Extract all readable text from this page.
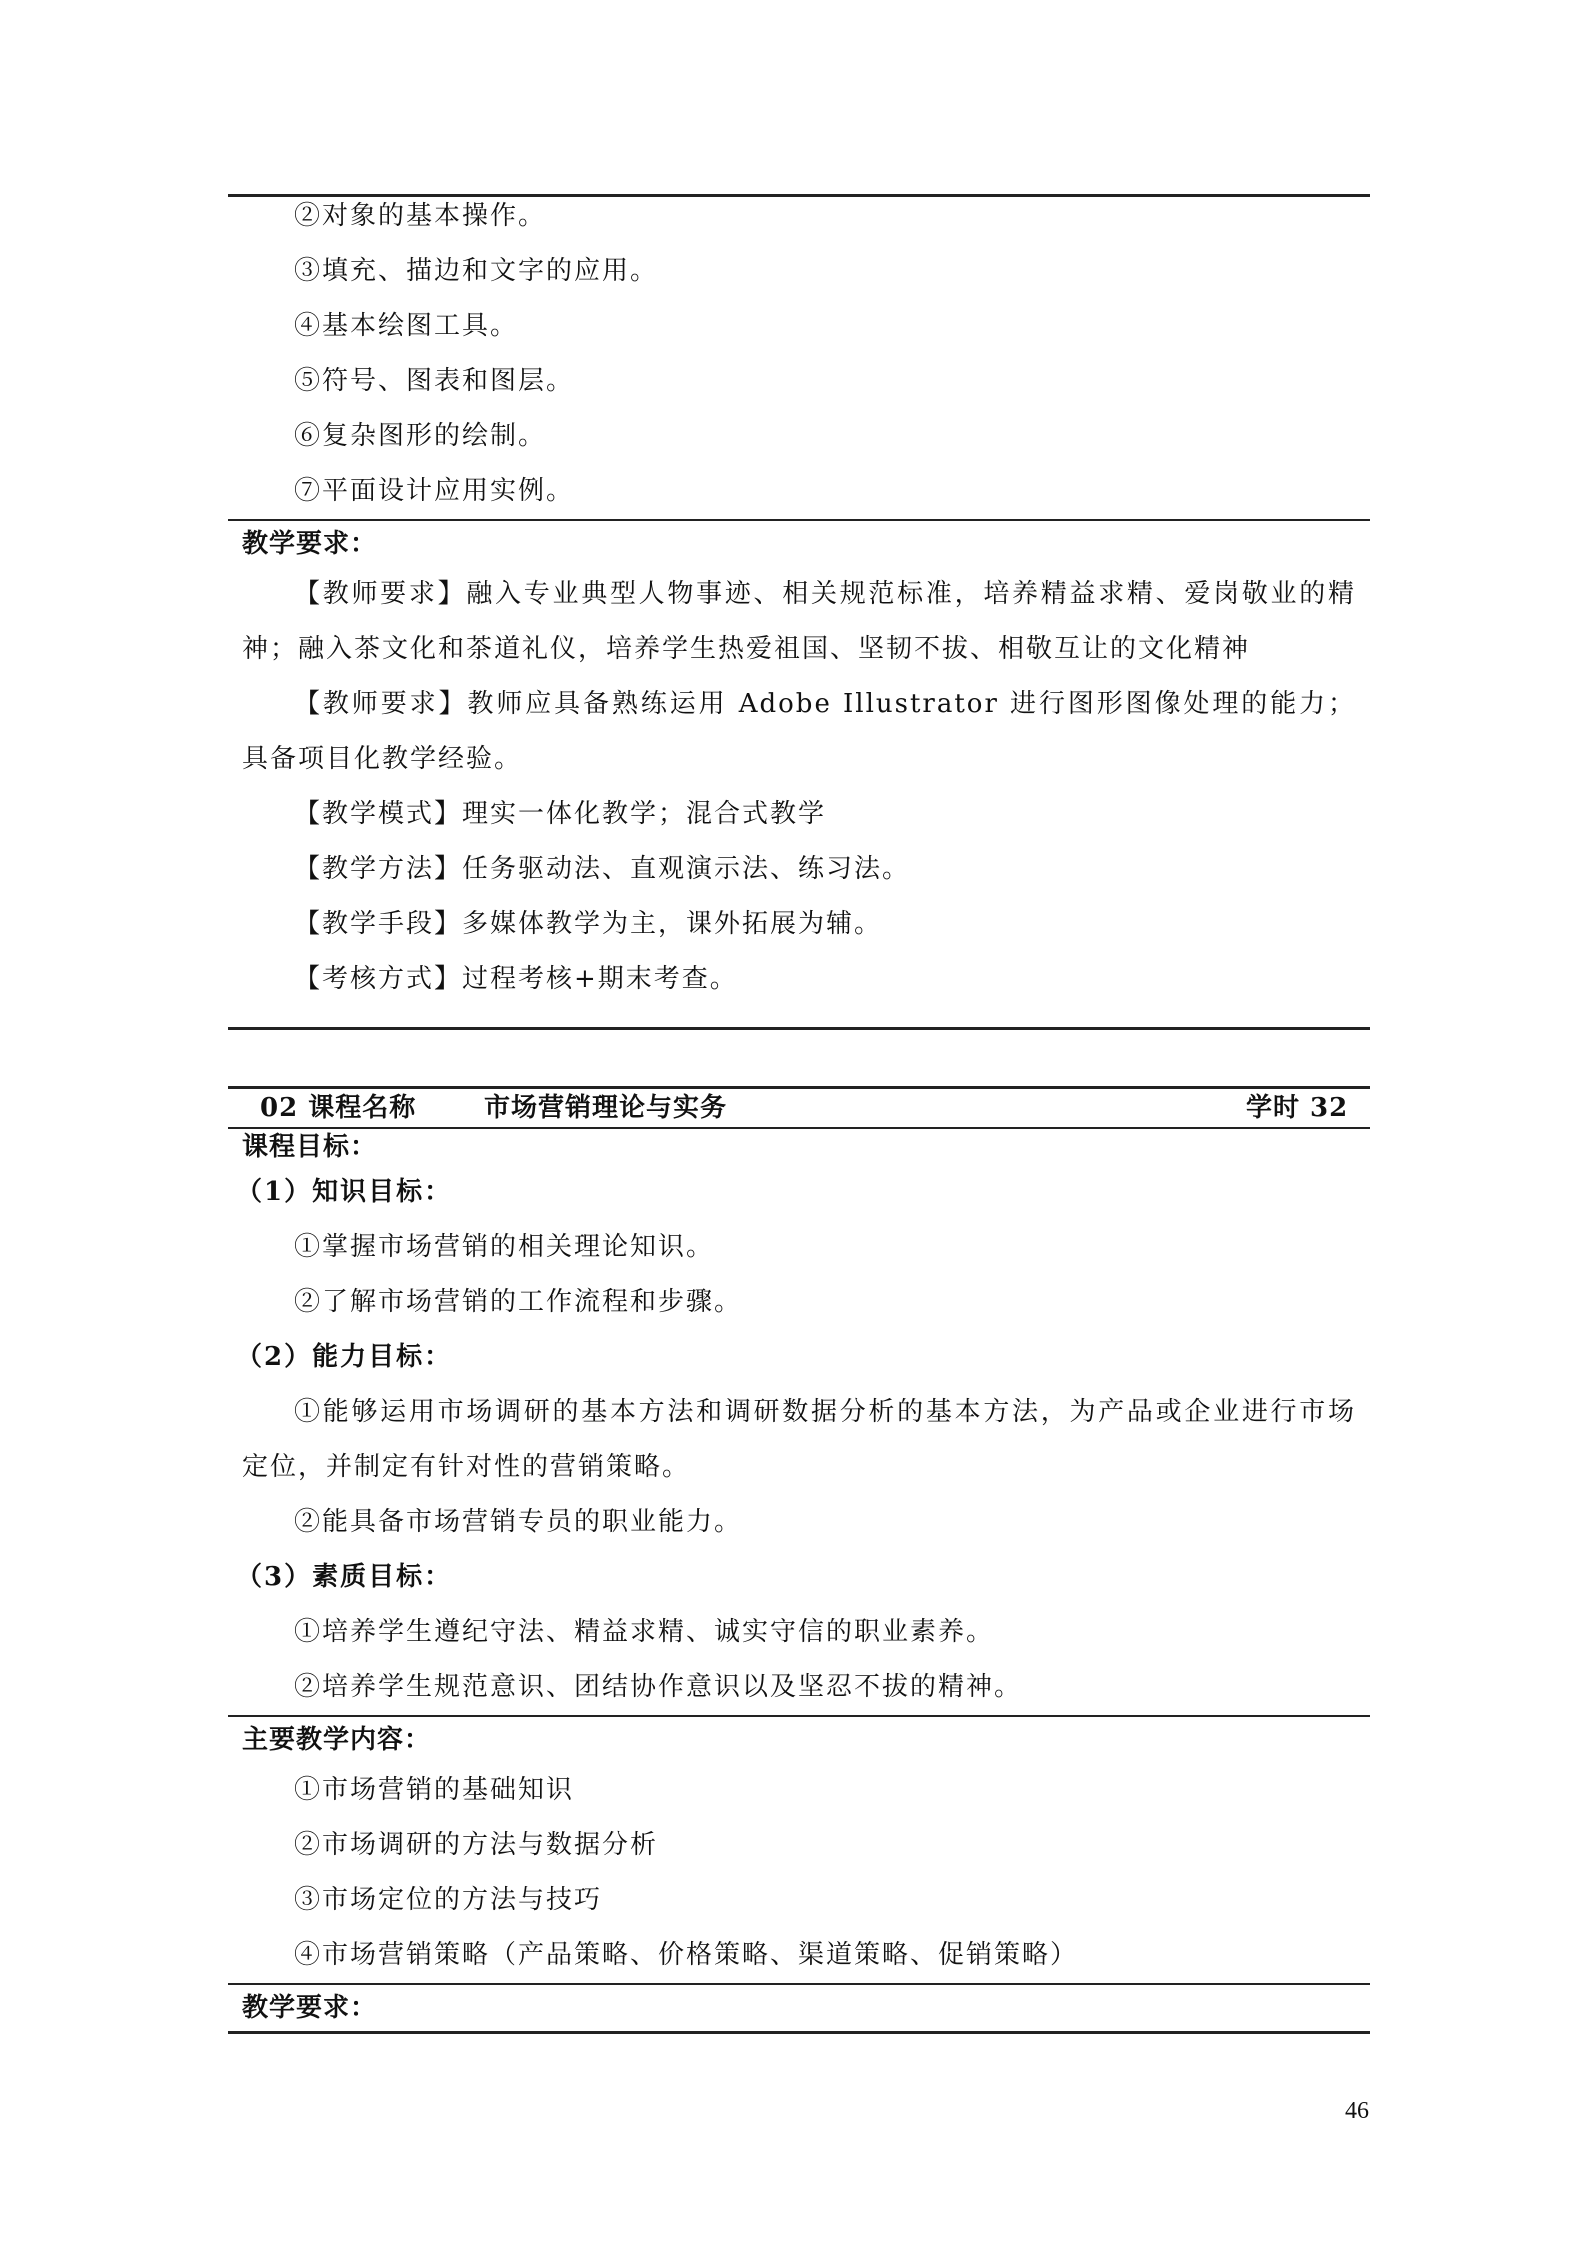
②对象的基本操作。
③填充、描边和文字的应用。
④基本绘图工具。
⑤符号、图表和图层。
⑥复杂图形的绘制。
⑦平面设计应用实例。
教学要求：
【教师要求】融入专业典型人物事迹、相关规范标准，培养精益求精、爱岗敬业的精神；融入茶文化和茶道礼仪，培养学生热爱祖国、坚韧不拔、相敬互让的文化精神
【教师要求】教师应具备熟练运用 Adobe Illustrator 进行图形图像处理的能力；具备项目化教学经验。
【教学模式】理实一体化教学；混合式教学
【教学方法】任务驱动法、直观演示法、练习法。
【教学手段】多媒体教学为主，课外拓展为辅。
【考核方式】过程考核+期末考查。
02 课程名称	市场营销理论与实务	学时 32
课程目标：
（1）知识目标：
①掌握市场营销的相关理论知识。
②了解市场营销的工作流程和步骤。
（2）能力目标：
①能够运用市场调研的基本方法和调研数据分析的基本方法，为产品或企业进行市场定位，并制定有针对性的营销策略。
②能具备市场营销专员的职业能力。
（3）素质目标：
①培养学生遵纪守法、精益求精、诚实守信的职业素养。
②培养学生规范意识、团结协作意识以及坚忍不拔的精神。
主要教学内容：
①市场营销的基础知识
②市场调研的方法与数据分析
③市场定位的方法与技巧
④市场营销策略（产品策略、价格策略、渠道策略、促销策略）
教学要求：
46
